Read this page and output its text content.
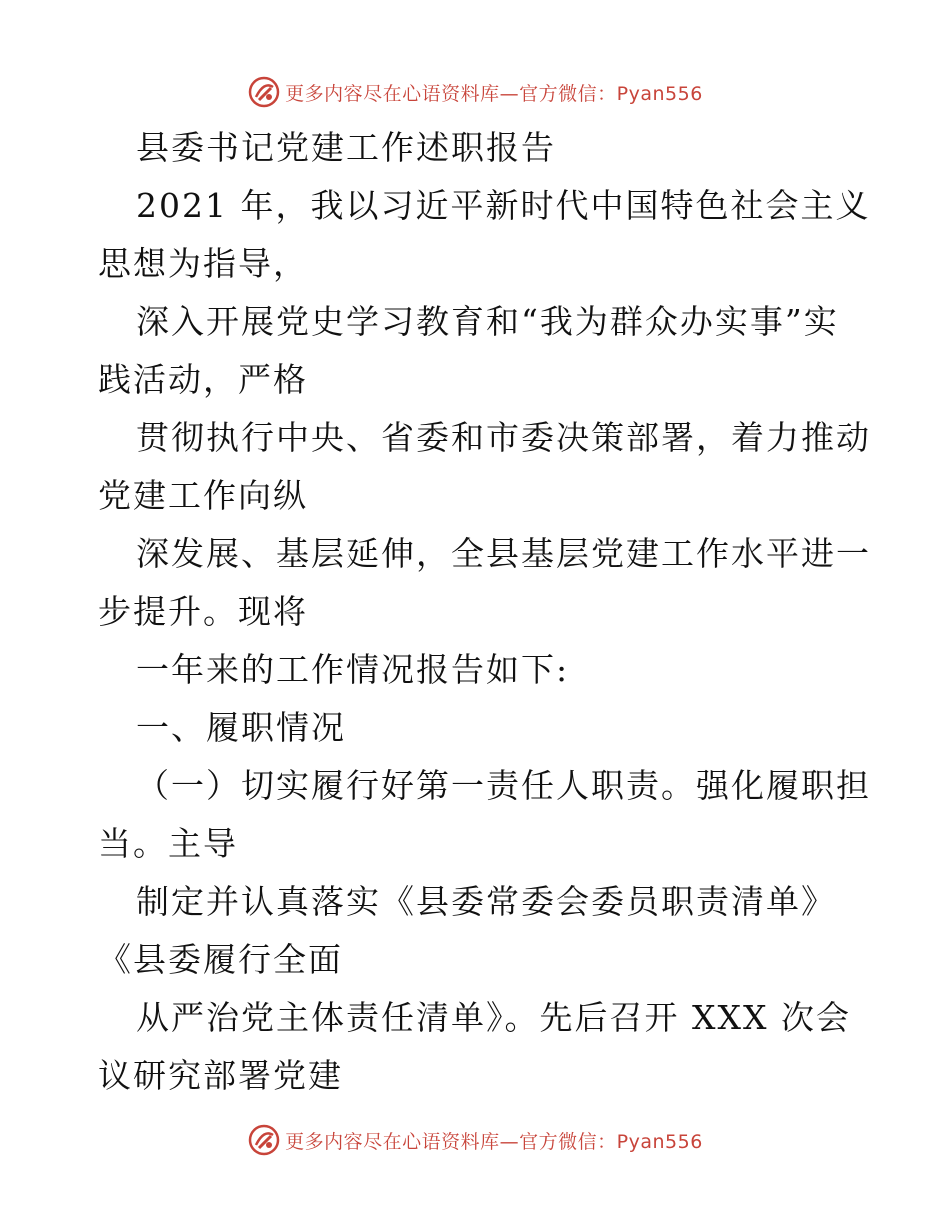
更多内容尽在心语资料库—官方微信：Pyan556
县委书记党建工作述职报告
2021 年，我以习近平新时代中国特色社会主义
思想为指导，
深入开展党史学习教育和“我为群众办实事”实
践活动，严格
贯彻执行中央、省委和市委决策部署，着力推动
党建工作向纵
深发展、基层延伸，全县基层党建工作水平进一
步提升。现将
一年来的工作情况报告如下:
一、履职情况
（一）切实履行好第一责任人职责。强化履职担
当。主导
制定并认真落实《县委常委会委员职责清单》
《县委履行全面
从严治党主体责任清单》。先后召开 XXX 次会
议研究部署党建
更多内容尽在心语资料库—官方微信：Pyan556
